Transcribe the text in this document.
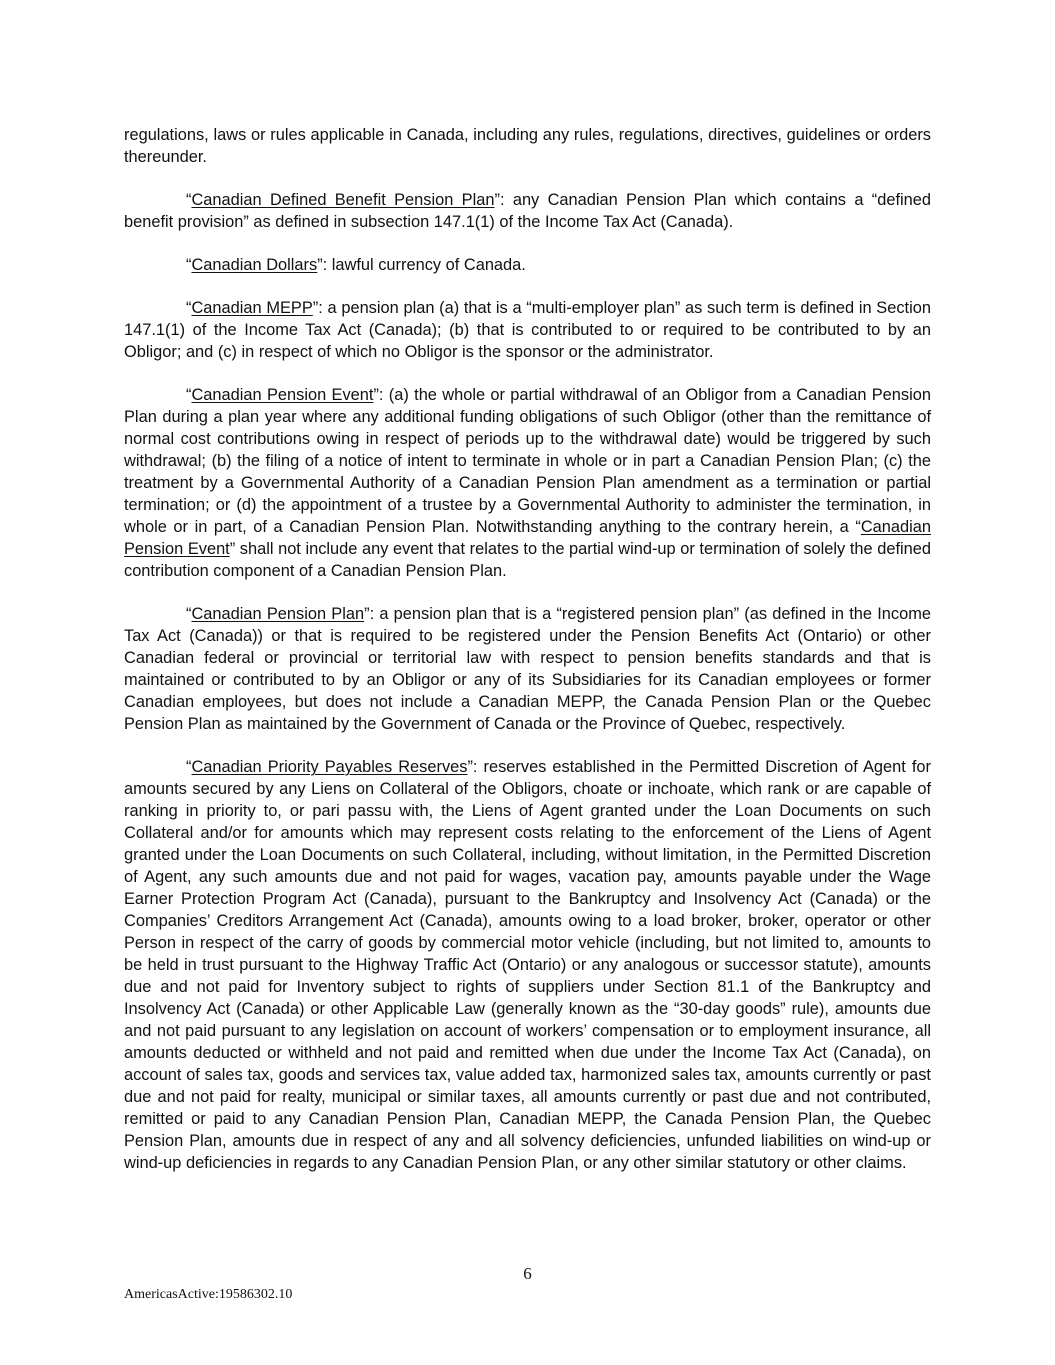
regulations, laws or rules applicable in Canada, including any rules, regulations, directives, guidelines or orders thereunder.

“Canadian Defined Benefit Pension Plan”: any Canadian Pension Plan which contains a “defined benefit provision” as defined in subsection 147.1(1) of the Income Tax Act (Canada).

“Canadian Dollars”: lawful currency of Canada.

“Canadian MEPP”: a pension plan (a) that is a “multi-employer plan” as such term is defined in Section 147.1(1) of the Income Tax Act (Canada); (b) that is contributed to or required to be contributed to by an Obligor; and (c) in respect of which no Obligor is the sponsor or the administrator.

“Canadian Pension Event”: (a) the whole or partial withdrawal of an Obligor from a Canadian Pension Plan during a plan year where any additional funding obligations of such Obligor (other than the remittance of normal cost contributions owing in respect of periods up to the withdrawal date) would be triggered by such withdrawal; (b) the filing of a notice of intent to terminate in whole or in part a Canadian Pension Plan; (c) the treatment by a Governmental Authority of a Canadian Pension Plan amendment as a termination or partial termination; or (d) the appointment of a trustee by a Governmental Authority to administer the termination, in whole or in part, of a Canadian Pension Plan. Notwithstanding anything to the contrary herein, a “Canadian Pension Event” shall not include any event that relates to the partial wind-up or termination of solely the defined contribution component of a Canadian Pension Plan.

“Canadian Pension Plan”: a pension plan that is a “registered pension plan” (as defined in the Income Tax Act (Canada)) or that is required to be registered under the Pension Benefits Act (Ontario) or other Canadian federal or provincial or territorial law with respect to pension benefits standards and that is maintained or contributed to by an Obligor or any of its Subsidiaries for its Canadian employees or former Canadian employees, but does not include a Canadian MEPP, the Canada Pension Plan or the Quebec Pension Plan as maintained by the Government of Canada or the Province of Quebec, respectively.

“Canadian Priority Payables Reserves”: reserves established in the Permitted Discretion of Agent for amounts secured by any Liens on Collateral of the Obligors, choate or inchoate, which rank or are capable of ranking in priority to, or pari passu with, the Liens of Agent granted under the Loan Documents on such Collateral and/or for amounts which may represent costs relating to the enforcement of the Liens of Agent granted under the Loan Documents on such Collateral, including, without limitation, in the Permitted Discretion of Agent, any such amounts due and not paid for wages, vacation pay, amounts payable under the Wage Earner Protection Program Act (Canada), pursuant to the Bankruptcy and Insolvency Act (Canada) or the Companies’ Creditors Arrangement Act (Canada), amounts owing to a load broker, broker, operator or other Person in respect of the carry of goods by commercial motor vehicle (including, but not limited to, amounts to be held in trust pursuant to the Highway Traffic Act (Ontario) or any analogous or successor statute), amounts due and not paid for Inventory subject to rights of suppliers under Section 81.1 of the Bankruptcy and Insolvency Act (Canada) or other Applicable Law (generally known as the “30-day goods” rule), amounts due and not paid pursuant to any legislation on account of workers’ compensation or to employment insurance, all amounts deducted or withheld and not paid and remitted when due under the Income Tax Act (Canada), on account of sales tax, goods and services tax, value added tax, harmonized sales tax, amounts currently or past due and not paid for realty, municipal or similar taxes, all amounts currently or past due and not contributed, remitted or paid to any Canadian Pension Plan, Canadian MEPP, the Canada Pension Plan, the Quebec Pension Plan, amounts due in respect of any and all solvency deficiencies, unfunded liabilities on wind-up or wind-up deficiencies in regards to any Canadian Pension Plan, or any other similar statutory or other claims.

6
AmericasActive:19586302.10
